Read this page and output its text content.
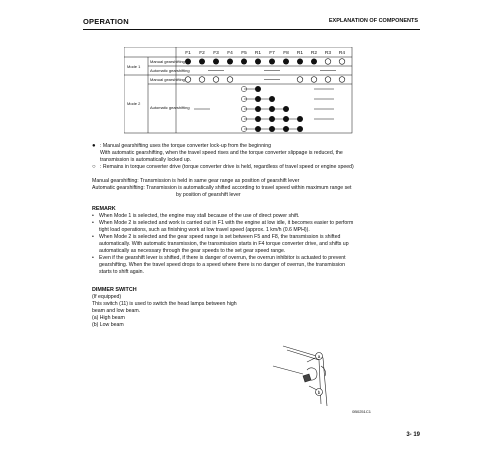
OPERATION	EXPLANATION OF COMPONENTS
F1 F2 F3 F4 F5 R1 F7 F8 R1 R2 R3 R4
Mode 1
Mode 2
Manual gearshifting
Automatic gearshifting
Manual gearshifting
Automatic gearshifting
● : Manual gearshifting uses the torque converter lock-up from the beginning
With automatic gearshifting, when the travel speed rises and the torque converter slippage is reduced, the
transmission is automatically locked up.
○ : Remains in torque converter drive (torque converter drive is held, regardless of travel speed or engine speed)
Manual gearshifting: Transmission is held in same gear range as position of gearshift lever
Automatic gearshifting: Transmission is automatically shifted according to travel speed within maximum range set
by position of gearshift lever
REMARK
• When Mode 1 is selected, the engine may stall because of the use of direct power shift.
• When Mode 2 is selected and work is carried out in F1 with the engine at low idle, it becomes easier to perform
tight load operations, such as finishing work at low travel speed (approx. 1 km/h (0.6 MPH)).
• When Mode 2 is selected and the gear speed range is set between F5 and F8, the transmission is shifted
automatically. With automatic transmission, the transmission starts in F4 torque converter drive, and shifts up
automatically as necessary through the gear speeds to the set gear speed range.
• Even if the gearshift lever is shifted, if there is danger of overrun, the overrun inhibitor is actuated to prevent
gearshifting. When the travel speed drops to a speed where there is no danger of overrun, the transmission
starts to shift again.
DIMMER SWITCH
(If equipped)
This switch (11) is used to switch the head lamps between high
beam and low beam.
(a) High beam
(b) Low beam
a
b
0B0251C1
3- 19
